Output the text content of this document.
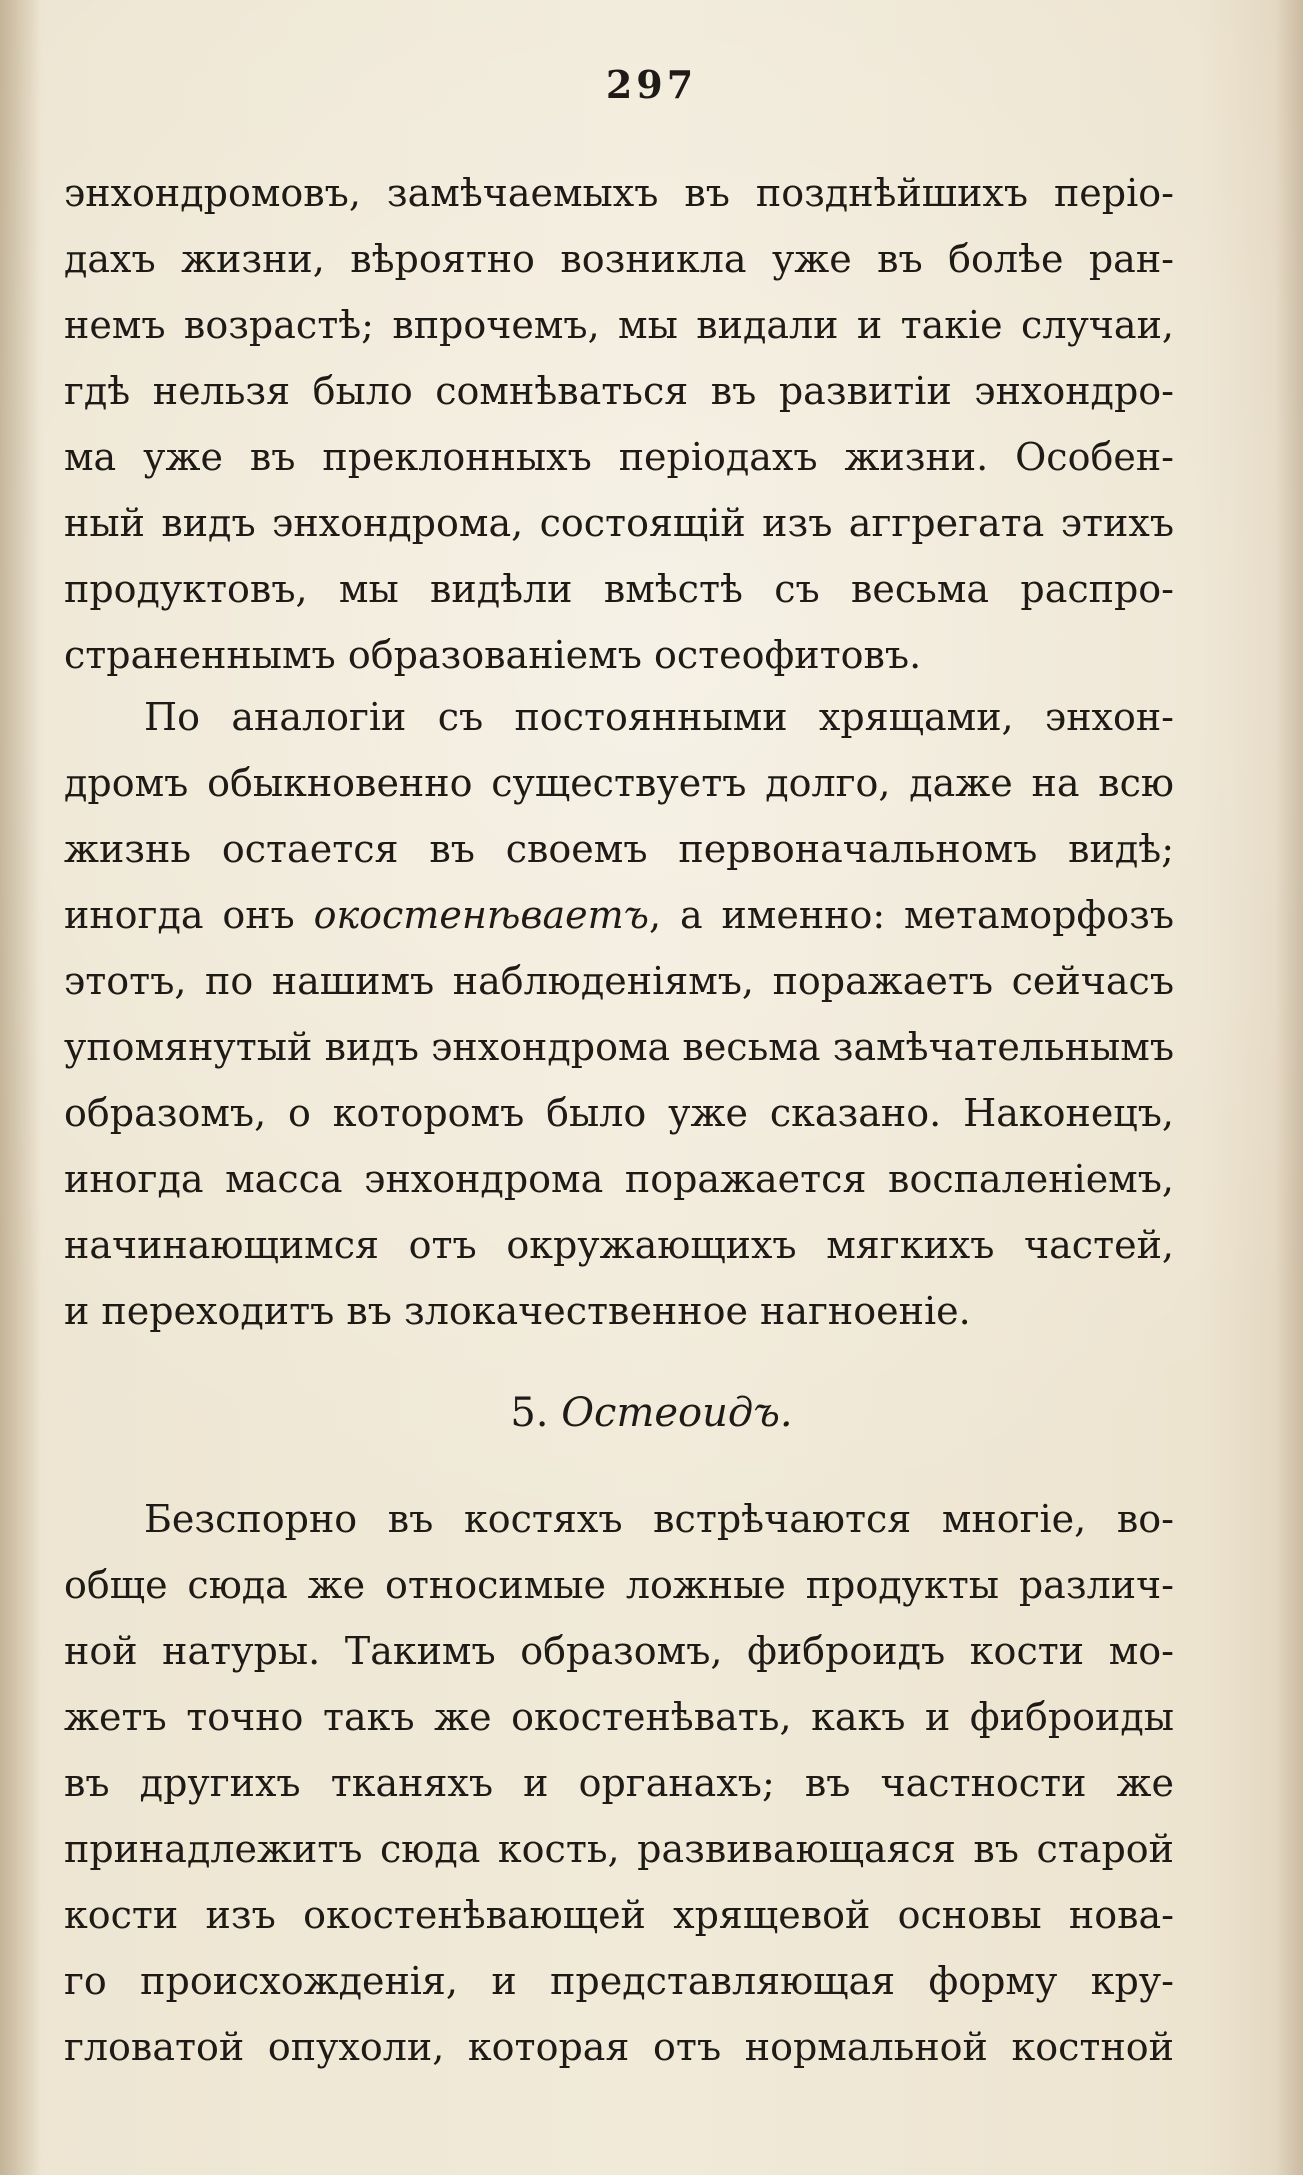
297
энхондромовъ, замѣчаемыхъ въ позднѣйшихъ періо-
дахъ жизни, вѣроятно возникла уже въ болѣе ран-
немъ возрастѣ; впрочемъ, мы видали и такіе случаи,
гдѣ нельзя было сомнѣваться въ развитіи энхондро-
ма уже въ преклонныхъ періодахъ жизни. Особен-
ный видъ энхондрома, состоящій изъ аггрегата этихъ
продуктовъ, мы видѣли вмѣстѣ съ весьма распро-
страненнымъ образованіемъ остеофитовъ.
По аналогіи съ постоянными хрящами, энхон-
дромъ обыкновенно существуетъ долго, даже на всю
жизнь остается въ своемъ первоначальномъ видѣ;
иногда онъ окостенѣваетъ, а именно: метаморфозъ
этотъ, по нашимъ наблюденіямъ, поражаетъ сейчасъ
упомянутый видъ энхондрома весьма замѣчательнымъ
образомъ, о которомъ было уже сказано. Наконецъ,
иногда масса энхондрома поражается воспаленіемъ,
начинающимся отъ окружающихъ мягкихъ частей,
и переходитъ въ злокачественное нагноеніе.
5. Остеоидъ.
Безспорно въ костяхъ встрѣчаются многіе, во-
обще сюда же относимые ложные продукты различ-
ной натуры. Такимъ образомъ, фиброидъ кости мо-
жетъ точно такъ же окостенѣвать, какъ и фиброиды
въ другихъ тканяхъ и органахъ; въ частности же
принадлежитъ сюда кость, развивающаяся въ старой
кости изъ окостенѣвающей хрящевой основы нова-
го происхожденія, и представляющая форму кру-
гловатой опухоли, которая отъ нормальной костной
